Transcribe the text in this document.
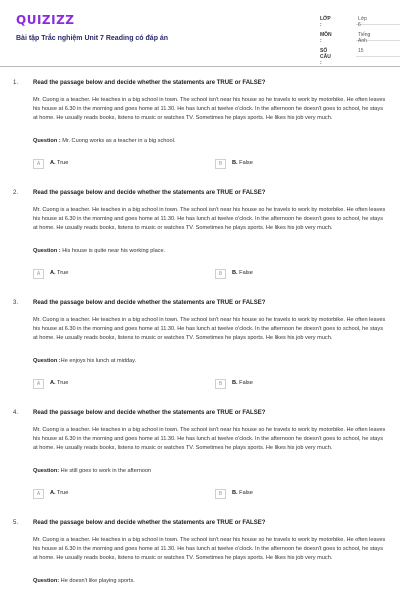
QUIZIZZ
Bài tập Trắc nghiệm Unit 7 Reading có đáp án
LỚP :
Lớp 6
MÔN :
Tiếng Anh
SỐ CÂU :
15
1. Read the passage below and decide whether the statements are TRUE or FALSE?
Mr. Cuong is a teacher. He teaches in a big school in town. The school isn't near his house so he travels to work by motorbike. He often leaves his house at 6.30 in the morning and goes home at 11.30. He has lunch at twelve o'clock. In the afternoon he doesn't goes to school, he stays at home. He usually reads books, listens to music or watches TV. Sometimes he plays sports. He likes his job very much.
Question : Mr. Cuong works as a teacher in a big school.
A	A. True	B	B. False
2. Read the passage below and decide whether the statements are TRUE or FALSE?
Mr. Cuong is a teacher. He teaches in a big school in town. The school isn't near his house so he travels to work by motorbike. He often leaves his house at 6.30 in the morning and goes home at 11.30. He has lunch at twelve o'clock. In the afternoon he doesn't goes to school, he stays at home. He usually reads books, listens to music or watches TV. Sometimes he plays sports. He likes his job very much.
Question : His house is quite near his working place.
A	A. True	B	B. False
3. Read the passage below and decide whether the statements are TRUE or FALSE?
Mr. Cuong is a teacher. He teaches in a big school in town. The school isn't near his house so he travels to work by motorbike. He often leaves his house at 6.30 in the morning and goes home at 11.30. He has lunch at twelve o'clock. In the afternoon he doesn't goes to school, he stays at home. He usually reads books, listens to music or watches TV. Sometimes he plays sports. He likes his job very much.
Question :He enjoys his lunch at midday.
A	A. True	B	B. False
4. Read the passage below and decide whether the statements are TRUE or FALSE?
Mr. Cuong is a teacher. He teaches in a big school in town. The school isn't near his house so he travels to work by motorbike. He often leaves his house at 6.30 in the morning and goes home at 11.30. He has lunch at twelve o'clock. In the afternoon he doesn't goes to school, he stays at home. He usually reads books, listens to music or watches TV. Sometimes he plays sports. He likes his job very much.
Question: He still goes to work in the afternoon
A	A. True	B	B. False
5. Read the passage below and decide whether the statements are TRUE or FALSE?
Mr. Cuong is a teacher. He teaches in a big school in town. The school isn't near his house so he travels to work by motorbike. He often leaves his house at 6.30 in the morning and goes home at 11.30. He has lunch at twelve o'clock. In the afternoon he doesn't goes to school, he stays at home. He usually reads books, listens to music or watches TV. Sometimes he plays sports. He likes his job very much.
Question: He doesn't like playing sports.
